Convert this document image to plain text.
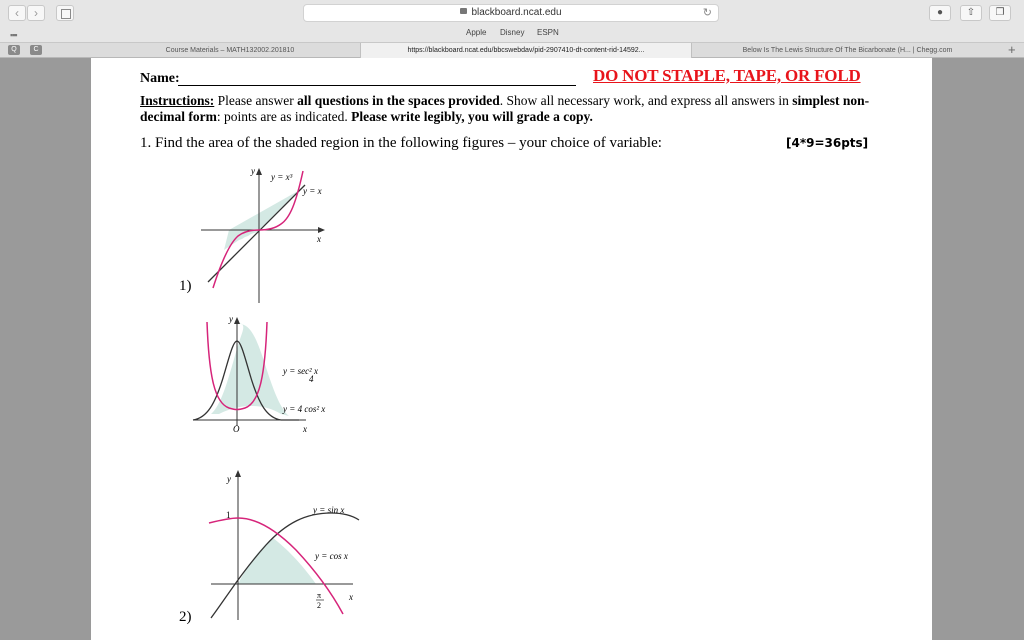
‹	›	blackboard.ncat.edu	↻	●	⇧	❐
▪▪▪	Apple Disney ESPN
Course Materials – MATH132002.201810	https://blackboard.ncat.edu/bbcswebdav/pid-2907410-dt-content-rid-14592...	Below Is The Lewis Structure Of The Bicarbonate (H... | Chegg.com
Q	C	+
Name:	DO NOT STAPLE, TAPE, OR FOLD
Instructions: Please answer all questions in the spaces provided. Show all necessary work, and express all answers in simplest non-decimal form: points are as indicated. Please write legibly, you will grade a copy.
1. Find the area of the shaded region in the following figures – your choice of variable:	[4*9=36pts]
y
x
y = x³
y = x
1)
y
O	x
y = sec² x
4
y = 4 cos² x
y
1
x
y = sin x
y = cos x
π
2
2)
